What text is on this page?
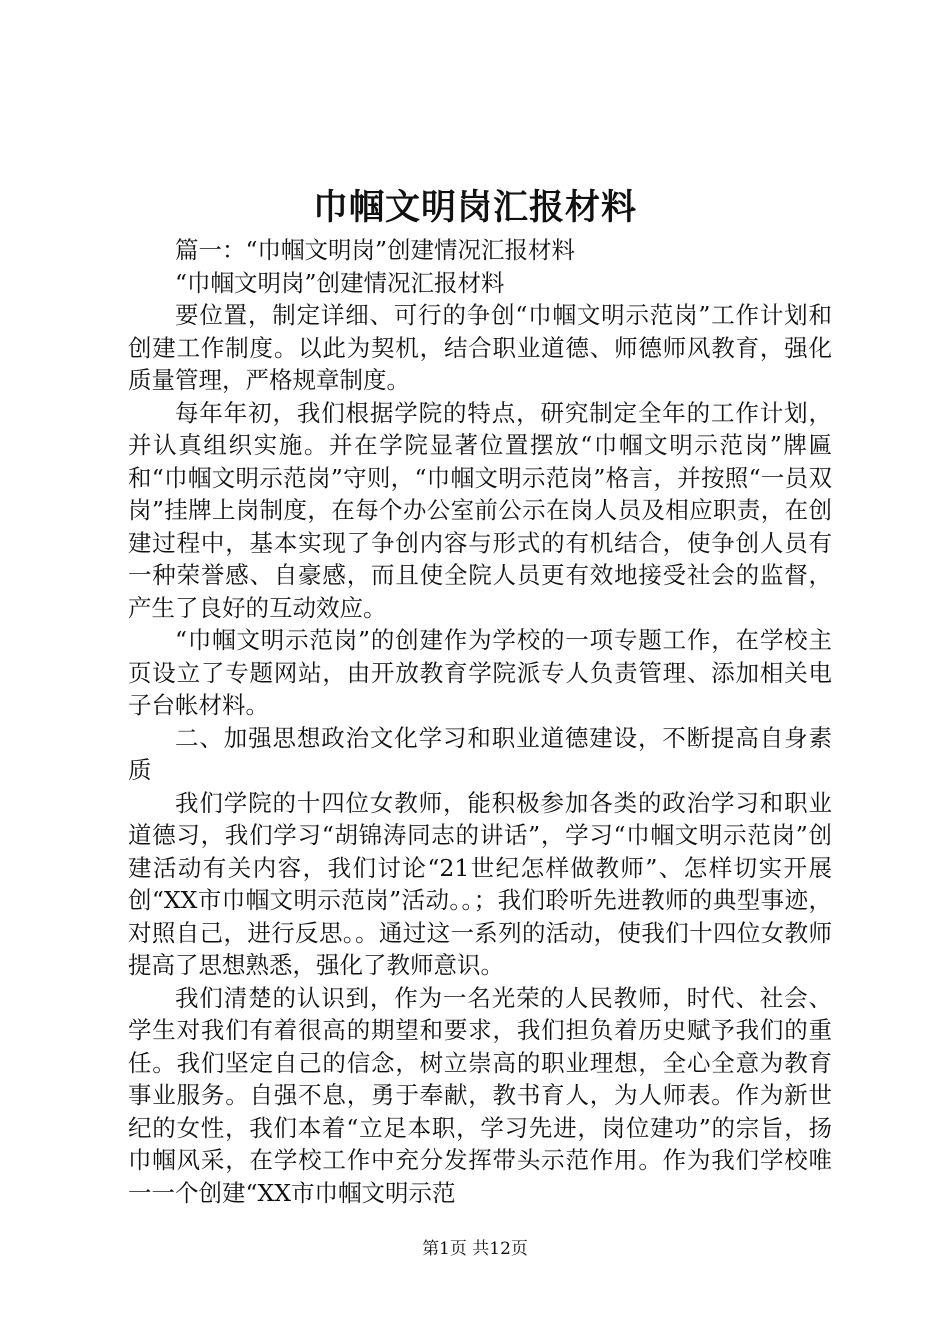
巾帼文明岗汇报材料

篇一：“巾帼文明岗”创建情况汇报材料

“巾帼文明岗”创建情况汇报材料

要位置，制定详细、可行的争创“巾帼文明示范岗”工作计划和创建工作制度。以此为契机，结合职业道德、师德师风教育，强化质量管理，严格规章制度。

每年年初，我们根据学院的特点，研究制定全年的工作计划，并认真组织实施。并在学院显著位置摆放“巾帼文明示范岗”牌匾和“巾帼文明示范岗”守则，“巾帼文明示范岗”格言，并按照“一员双岗”挂牌上岗制度，在每个办公室前公示在岗人员及相应职责，在创建过程中，基本实现了争创内容与形式的有机结合，使争创人员有一种荣誉感、自豪感，而且使全院人员更有效地接受社会的监督，产生了良好的互动效应。

“巾帼文明示范岗”的创建作为学校的一项专题工作，在学校主页设立了专题网站，由开放教育学院派专人负责管理、添加相关电子台帐材料。

二、加强思想政治文化学习和职业道德建设，不断提高自身素质

我们学院的十四位女教师，能积极参加各类的政治学习和职业道德习，我们学习“胡锦涛同志的讲话”，学习“巾帼文明示范岗”创建活动有关内容，我们讨论“21世纪怎样做教师”、怎样切实开展创“XX市巾帼文明示范岗”活动。。；我们聆听先进教师的典型事迹，对照自己，进行反思。。通过这一系列的活动，使我们十四位女教师提高了思想熟悉，强化了教师意识。

我们清楚的认识到，作为一名光荣的人民教师，时代、社会、学生对我们有着很高的期望和要求，我们担负着历史赋予我们的重任。我们坚定自己的信念，树立崇高的职业理想，全心全意为教育事业服务。自强不息，勇于奉献，教书育人，为人师表。作为新世纪的女性，我们本着“立足本职，学习先进，岗位建功”的宗旨，扬巾帼风采，在学校工作中充分发挥带头示范作用。作为我们学校唯一一个创建“XX市巾帼文明示范

第1页 共12页
